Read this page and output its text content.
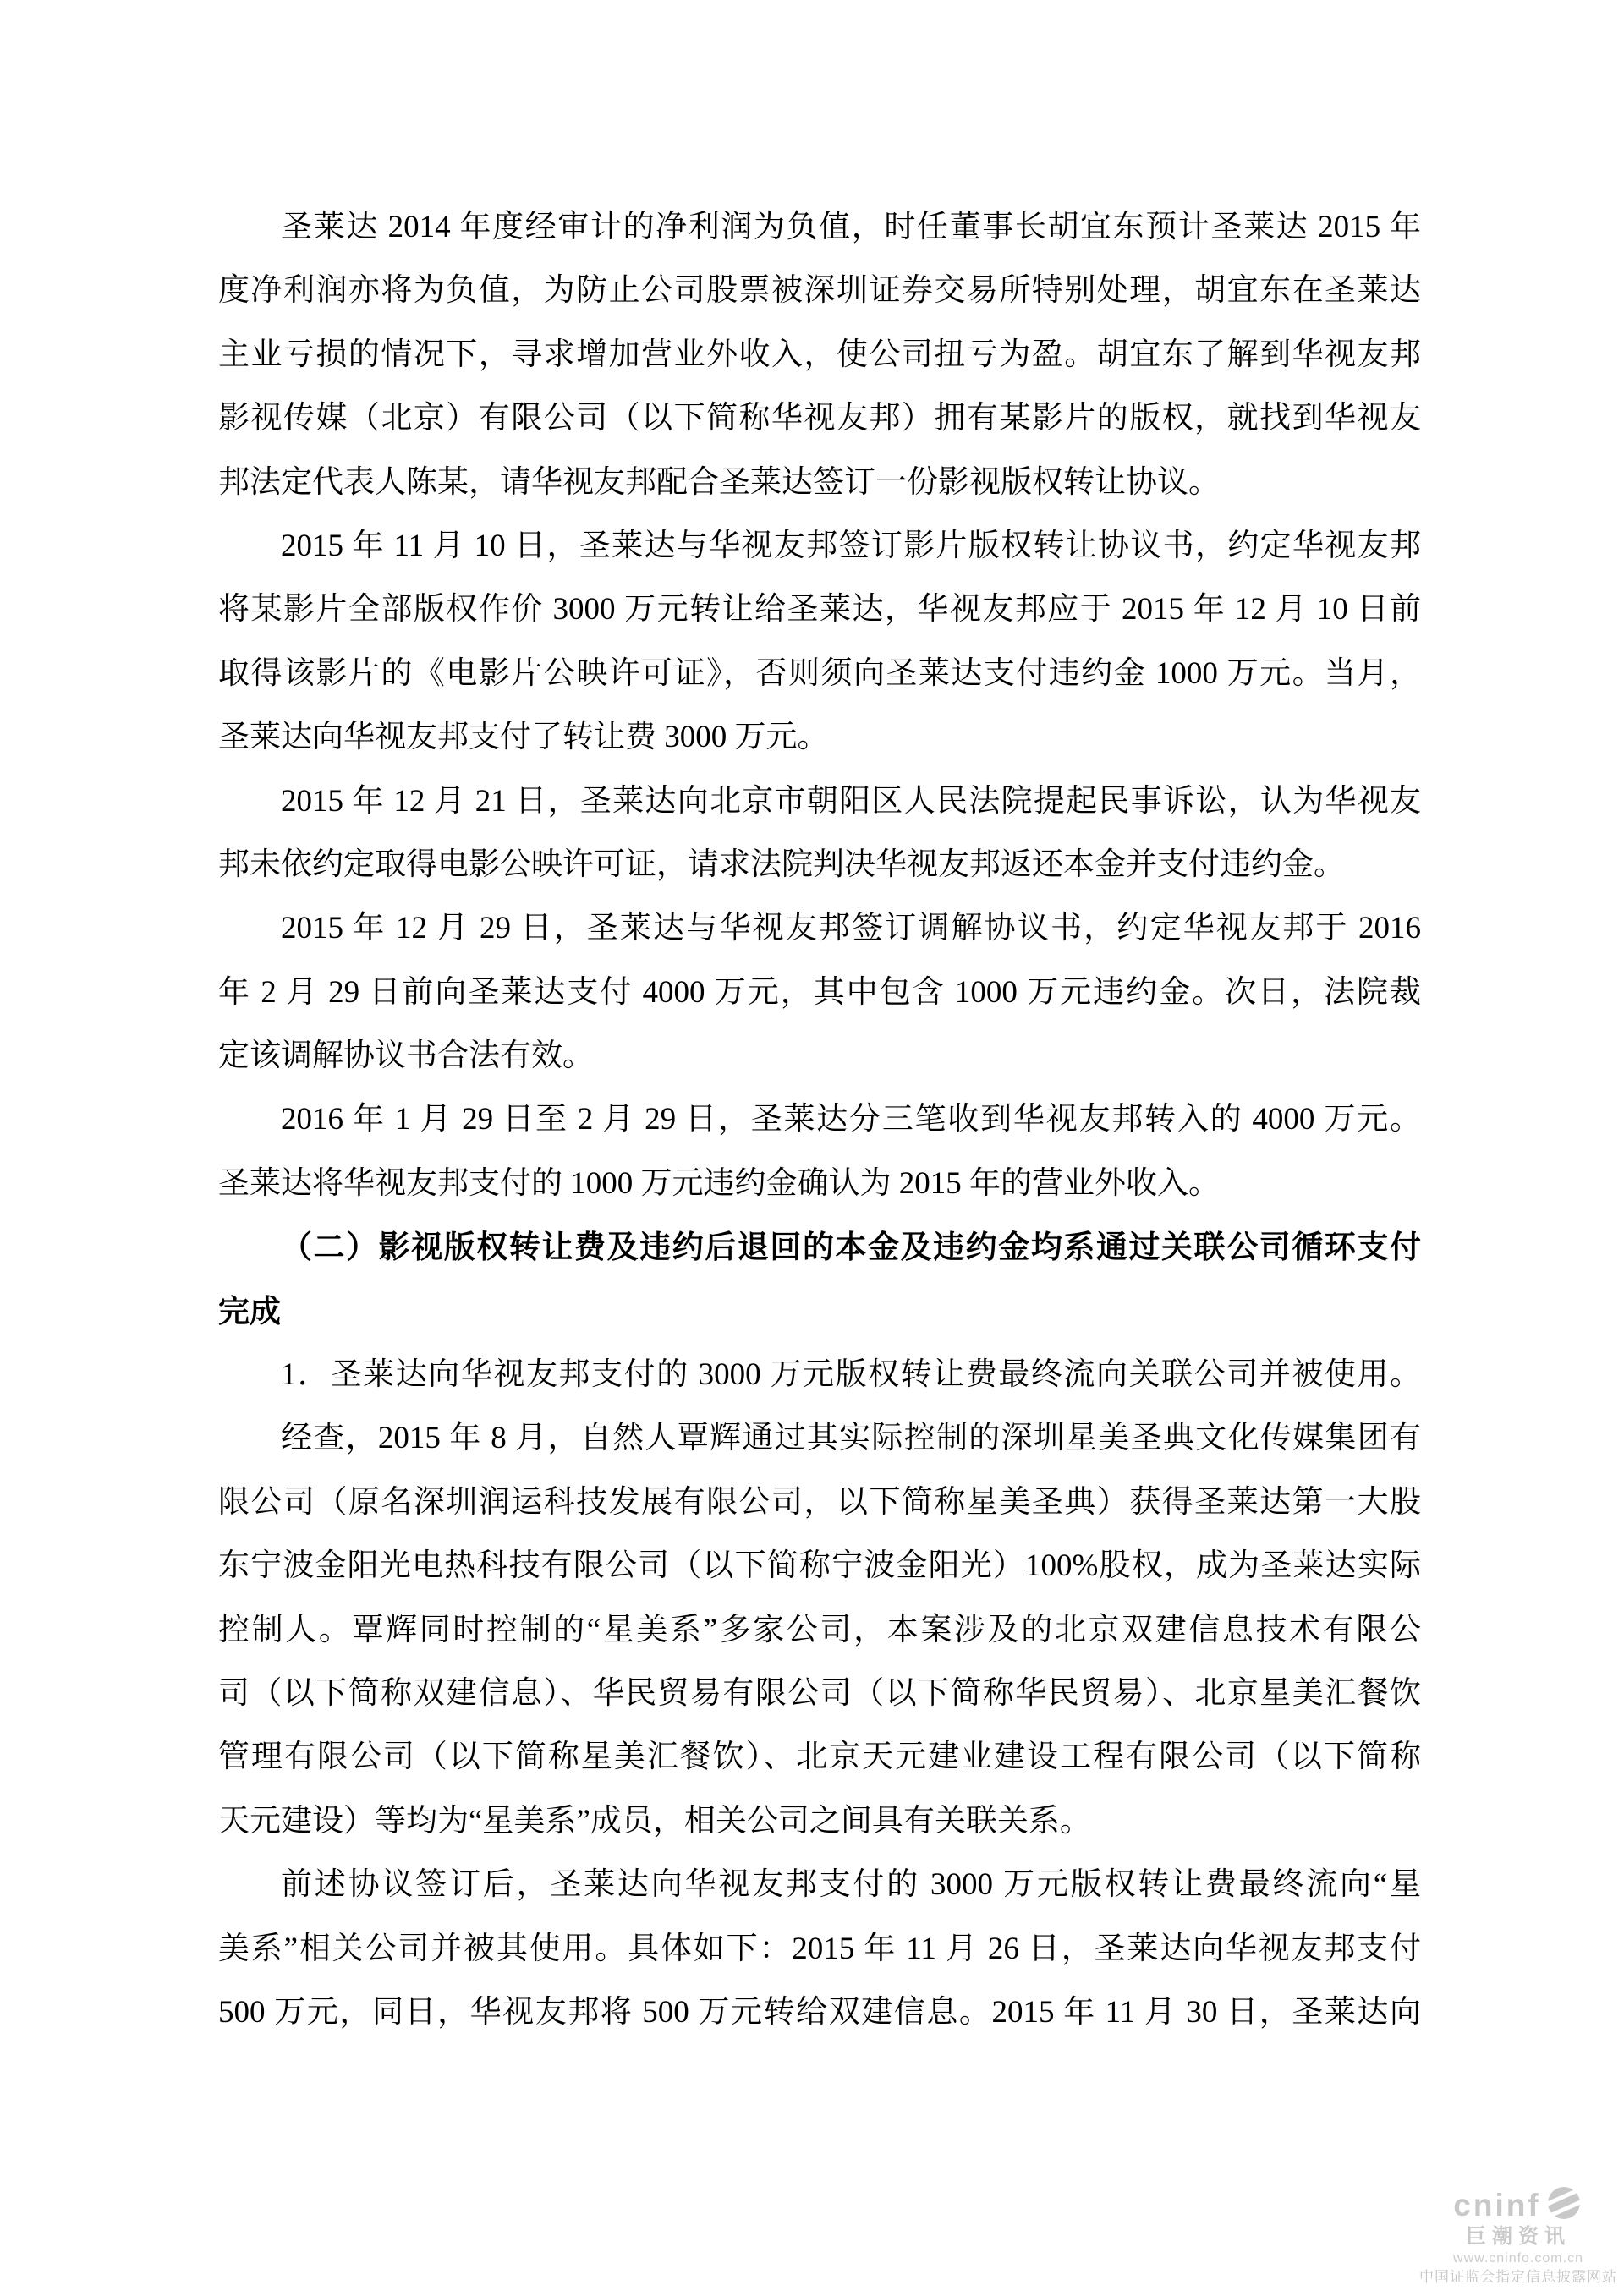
圣莱达 2014 年度经审计的净利润为负值，时任董事长胡宜东预计圣莱达 2015 年
度净利润亦将为负值，为防止公司股票被深圳证券交易所特别处理，胡宜东在圣莱达
主业亏损的情况下，寻求增加营业外收入，使公司扭亏为盈。胡宜东了解到华视友邦
影视传媒（北京）有限公司（以下简称华视友邦）拥有某影片的版权，就找到华视友
邦法定代表人陈某，请华视友邦配合圣莱达签订一份影视版权转让协议。
2015 年 11 月 10 日，圣莱达与华视友邦签订影片版权转让协议书，约定华视友邦
将某影片全部版权作价 3000 万元转让给圣莱达，华视友邦应于 2015 年 12 月 10 日前
取得该影片的《电影片公映许可证》，否则须向圣莱达支付违约金 1000 万元。当月，
圣莱达向华视友邦支付了转让费 3000 万元。
2015 年 12 月 21 日，圣莱达向北京市朝阳区人民法院提起民事诉讼，认为华视友
邦未依约定取得电影公映许可证，请求法院判决华视友邦返还本金并支付违约金。
2015 年 12 月 29 日，圣莱达与华视友邦签订调解协议书，约定华视友邦于 2016
年 2 月 29 日前向圣莱达支付 4000 万元，其中包含 1000 万元违约金。次日，法院裁
定该调解协议书合法有效。
2016 年 1 月 29 日至 2 月 29 日，圣莱达分三笔收到华视友邦转入的 4000 万元。
圣莱达将华视友邦支付的 1000 万元违约金确认为 2015 年的营业外收入。
（二）影视版权转让费及违约后退回的本金及违约金均系通过关联公司循环支付
完成
1．圣莱达向华视友邦支付的 3000 万元版权转让费最终流向关联公司并被使用。
经查，2015 年 8 月，自然人覃辉通过其实际控制的深圳星美圣典文化传媒集团有
限公司（原名深圳润运科技发展有限公司，以下简称星美圣典）获得圣莱达第一大股
东宁波金阳光电热科技有限公司（以下简称宁波金阳光）100%股权，成为圣莱达实际
控制人。覃辉同时控制的“星美系”多家公司，本案涉及的北京双建信息技术有限公
司（以下简称双建信息）、华民贸易有限公司（以下简称华民贸易）、北京星美汇餐饮
管理有限公司（以下简称星美汇餐饮）、北京天元建业建设工程有限公司（以下简称
天元建设）等均为“星美系”成员，相关公司之间具有关联关系。
前述协议签订后，圣莱达向华视友邦支付的 3000 万元版权转让费最终流向“星
美系”相关公司并被其使用。具体如下：2015 年 11 月 26 日，圣莱达向华视友邦支付
500 万元，同日，华视友邦将 500 万元转给双建信息。2015 年 11 月 30 日，圣莱达向
cninf
巨潮资讯
www.cninfo.com.cn
中国证监会指定信息披露网站
